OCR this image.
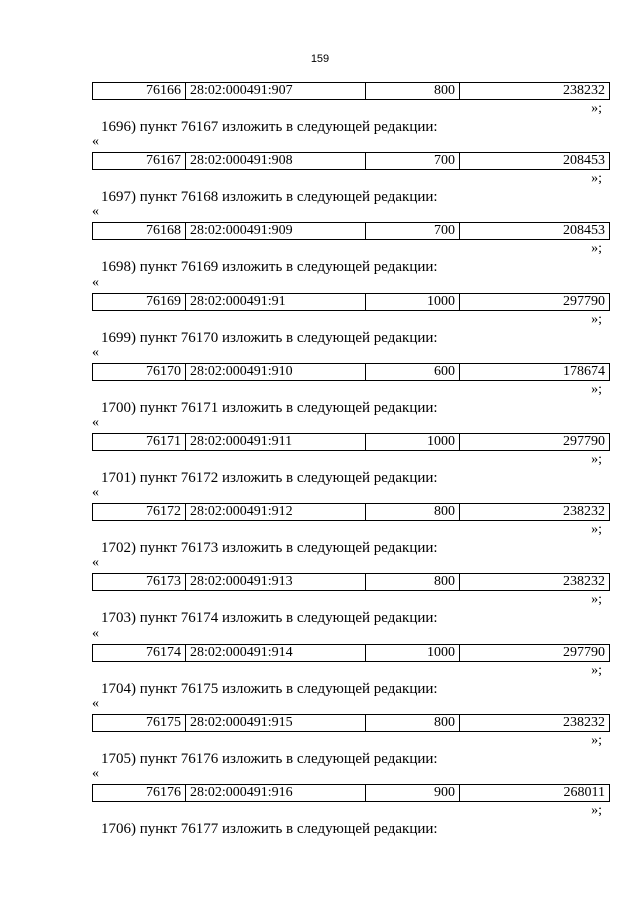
159
76166	28:02:000491:907	800	238232
»;
1696) пункт 76167 изложить в следующей редакции:
«
76167	28:02:000491:908	700	208453
»;
1697) пункт 76168 изложить в следующей редакции:
«
76168	28:02:000491:909	700	208453
»;
1698) пункт 76169 изложить в следующей редакции:
«
76169	28:02:000491:91	1000	297790
»;
1699) пункт 76170 изложить в следующей редакции:
«
76170	28:02:000491:910	600	178674
»;
1700) пункт 76171 изложить в следующей редакции:
«
76171	28:02:000491:911	1000	297790
»;
1701) пункт 76172 изложить в следующей редакции:
«
76172	28:02:000491:912	800	238232
»;
1702) пункт 76173 изложить в следующей редакции:
«
76173	28:02:000491:913	800	238232
»;
1703) пункт 76174 изложить в следующей редакции:
«
76174	28:02:000491:914	1000	297790
»;
1704) пункт 76175 изложить в следующей редакции:
«
76175	28:02:000491:915	800	238232
»;
1705) пункт 76176 изложить в следующей редакции:
«
76176	28:02:000491:916	900	268011
»;
1706) пункт 76177 изложить в следующей редакции:
